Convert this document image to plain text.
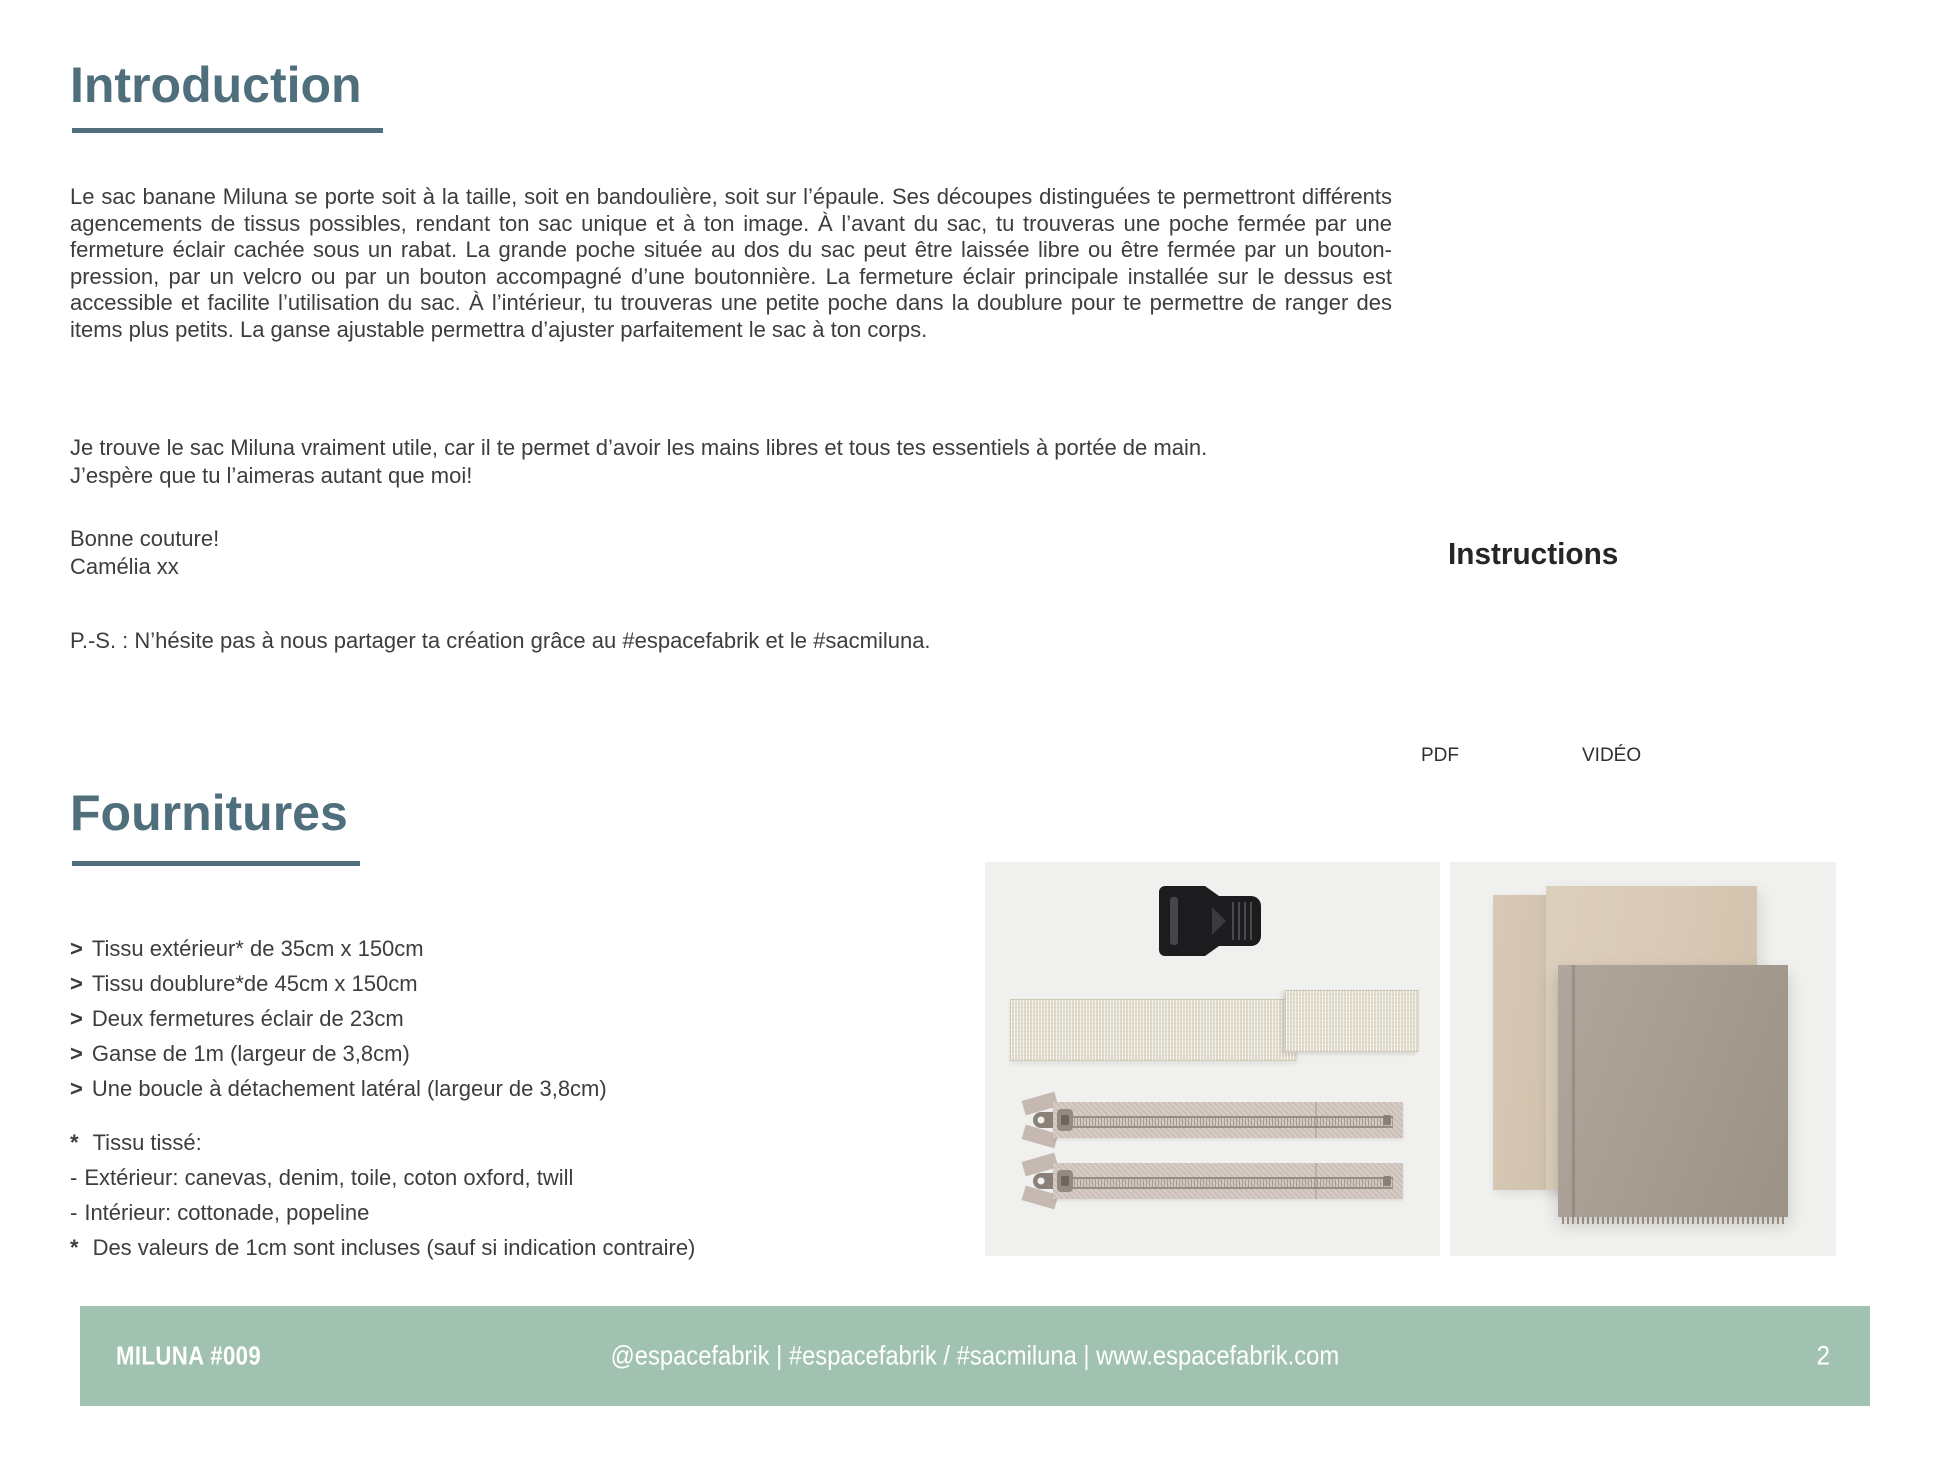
Introduction

Le sac banane Miluna se porte soit à la taille, soit en bandoulière, soit sur l’épaule. Ses découpes distinguées te permettront différents agencements de tissus possibles, rendant ton sac unique et à ton image. À l’avant du sac, tu trouveras une poche fermée par une fermeture éclair cachée sous un rabat. La grande poche située au dos du sac peut être laissée libre ou être fermée par un bouton-pression, par un velcro ou par un bouton accompagné d’une boutonnière. La fermeture éclair principale installée sur le dessus est accessible et facilite l’utilisation du sac. À l’intérieur, tu trouveras une petite poche dans la doublure pour te permettre de ranger des items plus petits. La ganse ajustable permettra d’ajuster parfaitement le sac à ton corps.

Je trouve le sac Miluna vraiment utile, car il te permet d’avoir les mains libres et tous tes essentiels à portée de main.
J’espère que tu l’aimeras autant que moi!
Bonne couture!
Camélia xx
P.-S. : N’hésite pas à nous partager ta création grâce au #espacefabrik et le #sacmiluna.
Instructions
PDF	VIDÉO
Fournitures
> Tissu extérieur* de 35cm x 150cm
> Tissu doublure*de 45cm x 150cm
> Deux fermetures éclair de 23cm
> Ganse de 1m (largeur de 3,8cm)
> Une boucle à détachement latéral (largeur de 3,8cm)
* Tissu tissé:
- Extérieur: canevas, denim, toile, coton oxford, twill
- Intérieur: cottonade, popeline
* Des valeurs de 1cm sont incluses (sauf si indication contraire)
MILUNA #009	@espacefabrik | #espacefabrik / #sacmiluna | www.espacefabrik.com	2
